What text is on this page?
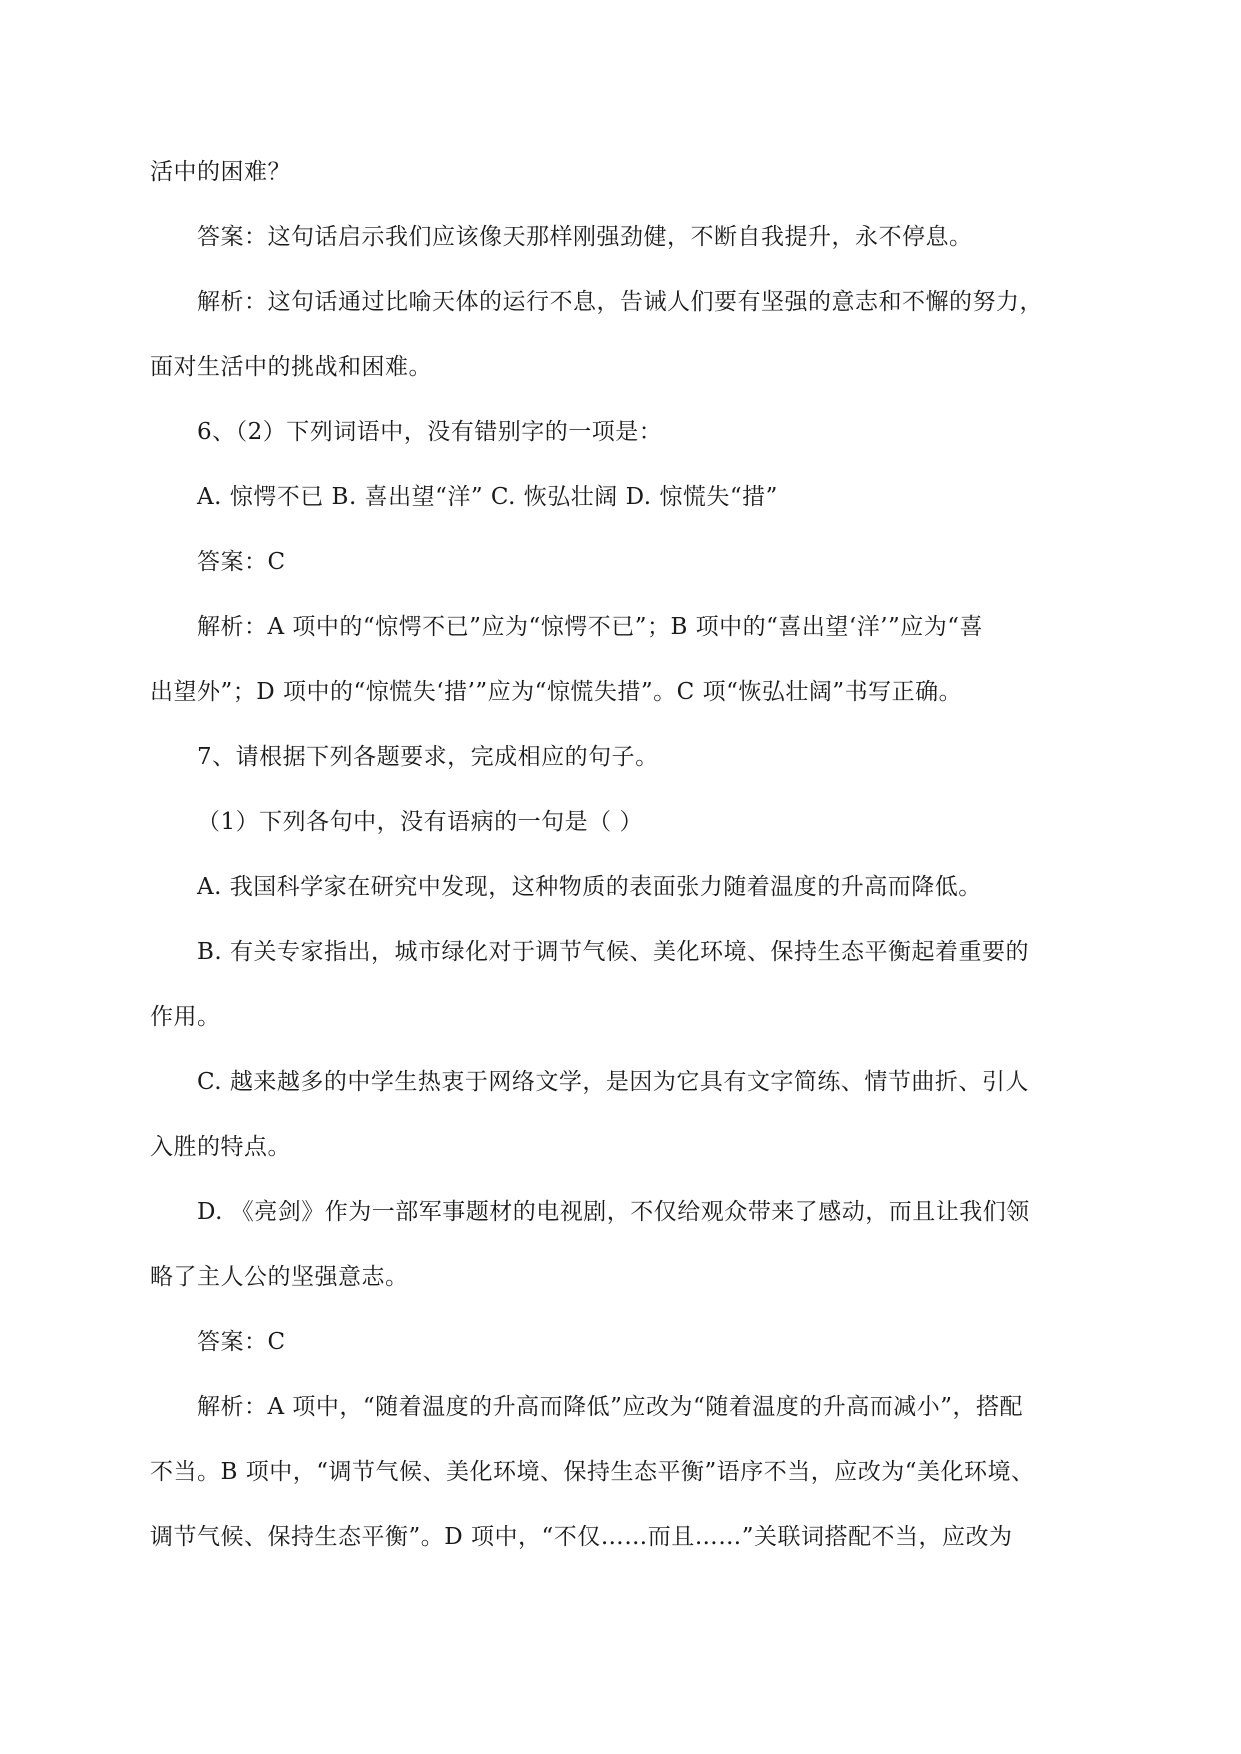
活中的困难？
答案：这句话启示我们应该像天那样刚强劲健，不断自我提升，永不停息。
解析：这句话通过比喻天体的运行不息，告诫人们要有坚强的意志和不懈的努力，
面对生活中的挑战和困难。
6、（2）下列词语中，没有错别字的一项是：
A. 惊愕不已 B. 喜出望“洋” C. 恢弘壮阔 D. 惊慌失“措”
答案：C
解析：A 项中的“惊愕不已”应为“惊愕不已”；B 项中的“喜出望‘洋’”应为“喜
出望外”；D 项中的“惊慌失‘措’”应为“惊慌失措”。C 项“恢弘壮阔”书写正确。
7、请根据下列各题要求，完成相应的句子。
（1）下列各句中，没有语病的一句是（ ）
A. 我国科学家在研究中发现，这种物质的表面张力随着温度的升高而降低。
B. 有关专家指出，城市绿化对于调节气候、美化环境、保持生态平衡起着重要的
作用。
C. 越来越多的中学生热衷于网络文学，是因为它具有文字简练、情节曲折、引人
入胜的特点。
D. 《亮剑》作为一部军事题材的电视剧，不仅给观众带来了感动，而且让我们领
略了主人公的坚强意志。
答案：C
解析：A 项中，“随着温度的升高而降低”应改为“随着温度的升高而减小”，搭配
不当。B 项中，“调节气候、美化环境、保持生态平衡”语序不当，应改为“美化环境、
调节气候、保持生态平衡”。D 项中，“不仅……而且……”关联词搭配不当，应改为
